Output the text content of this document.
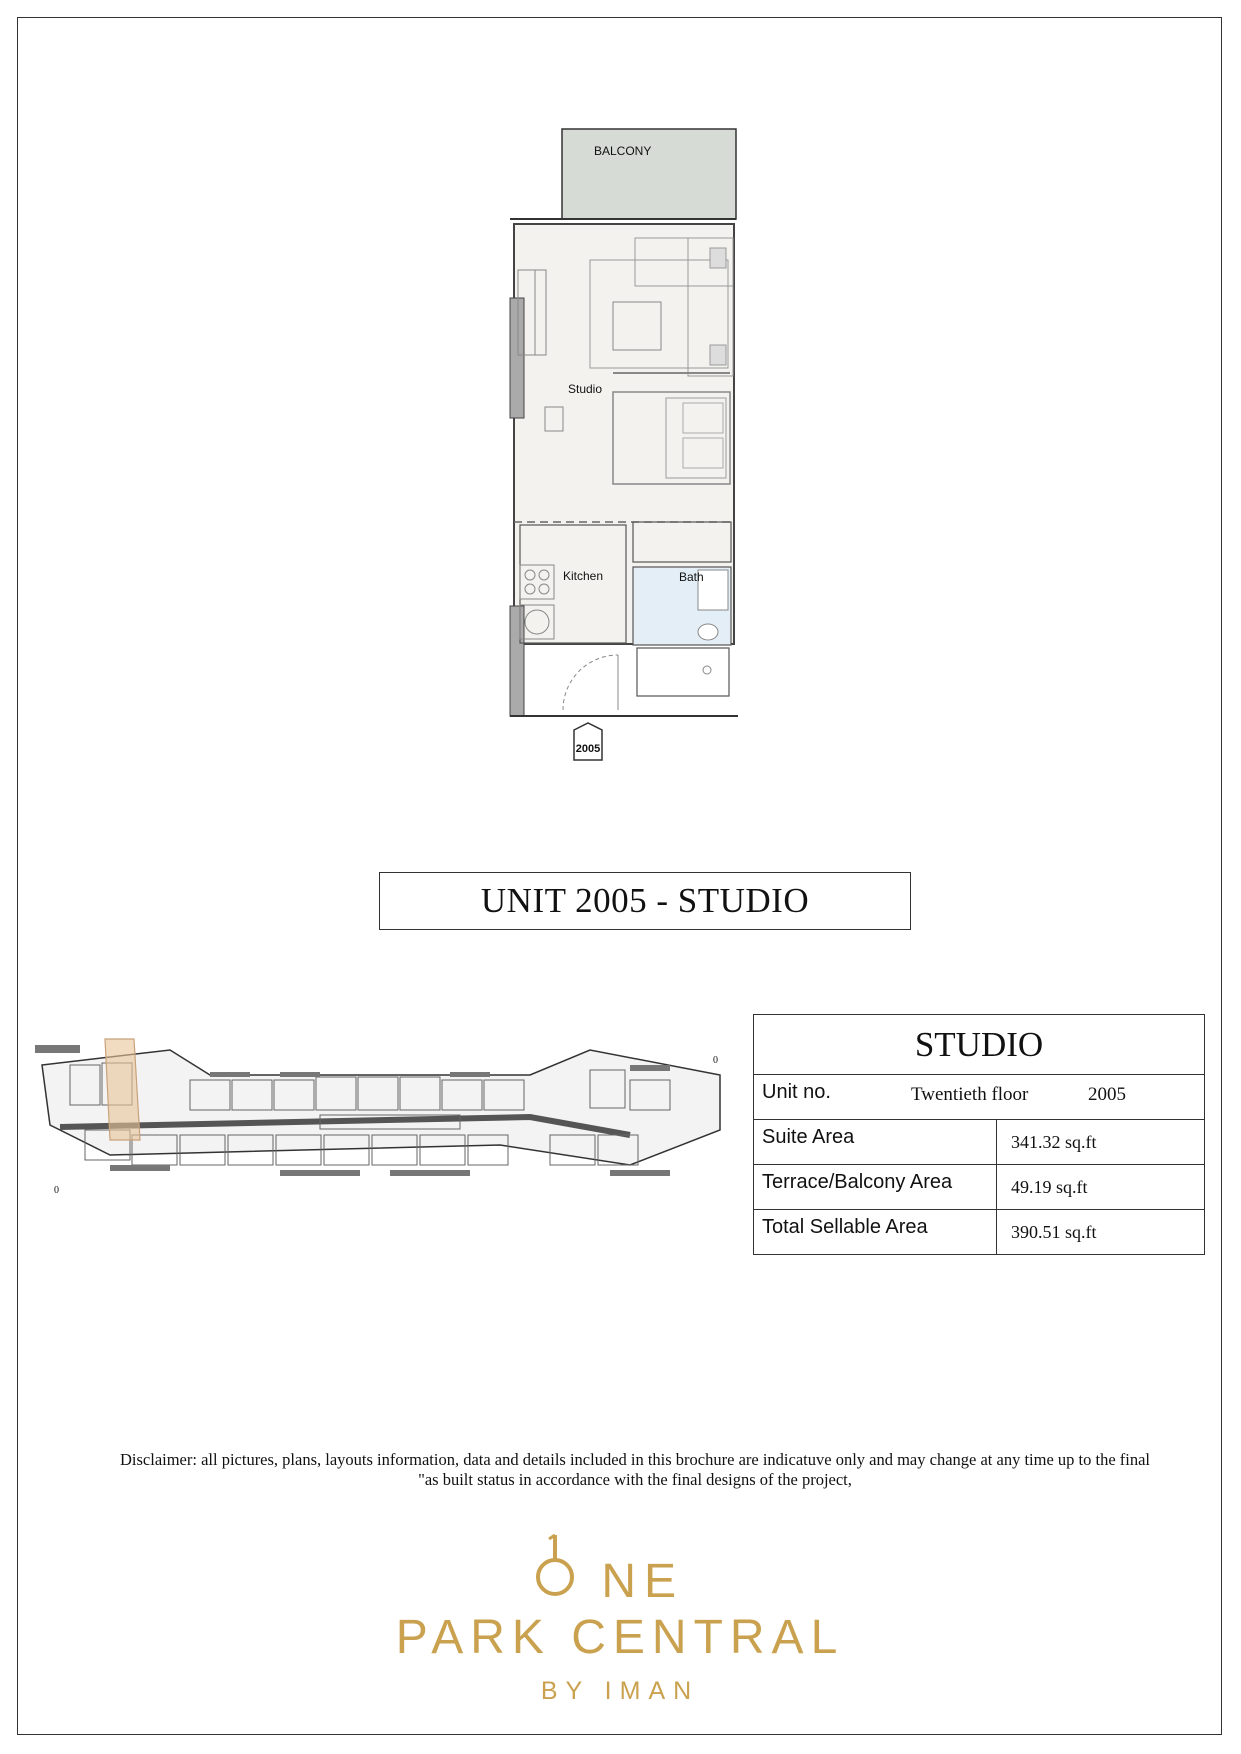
BALCONY
Studio
Kitchen	Bath
2005
UNIT 2005 - STUDIO
0
0
STUDIO
Unit no.	Twentieth floor	2005
Suite Area	341.32 sq.ft
Terrace/Balcony Area	49.19 sq.ft
Total Sellable Area	390.51 sq.ft
Disclaimer: all pictures, plans, layouts information, data and details included in this brochure are indicatuve only and may change at any time up to the final
"as built status in accordance with the final designs of the project,
NE
PARK CENTRAL
BY IMAN
